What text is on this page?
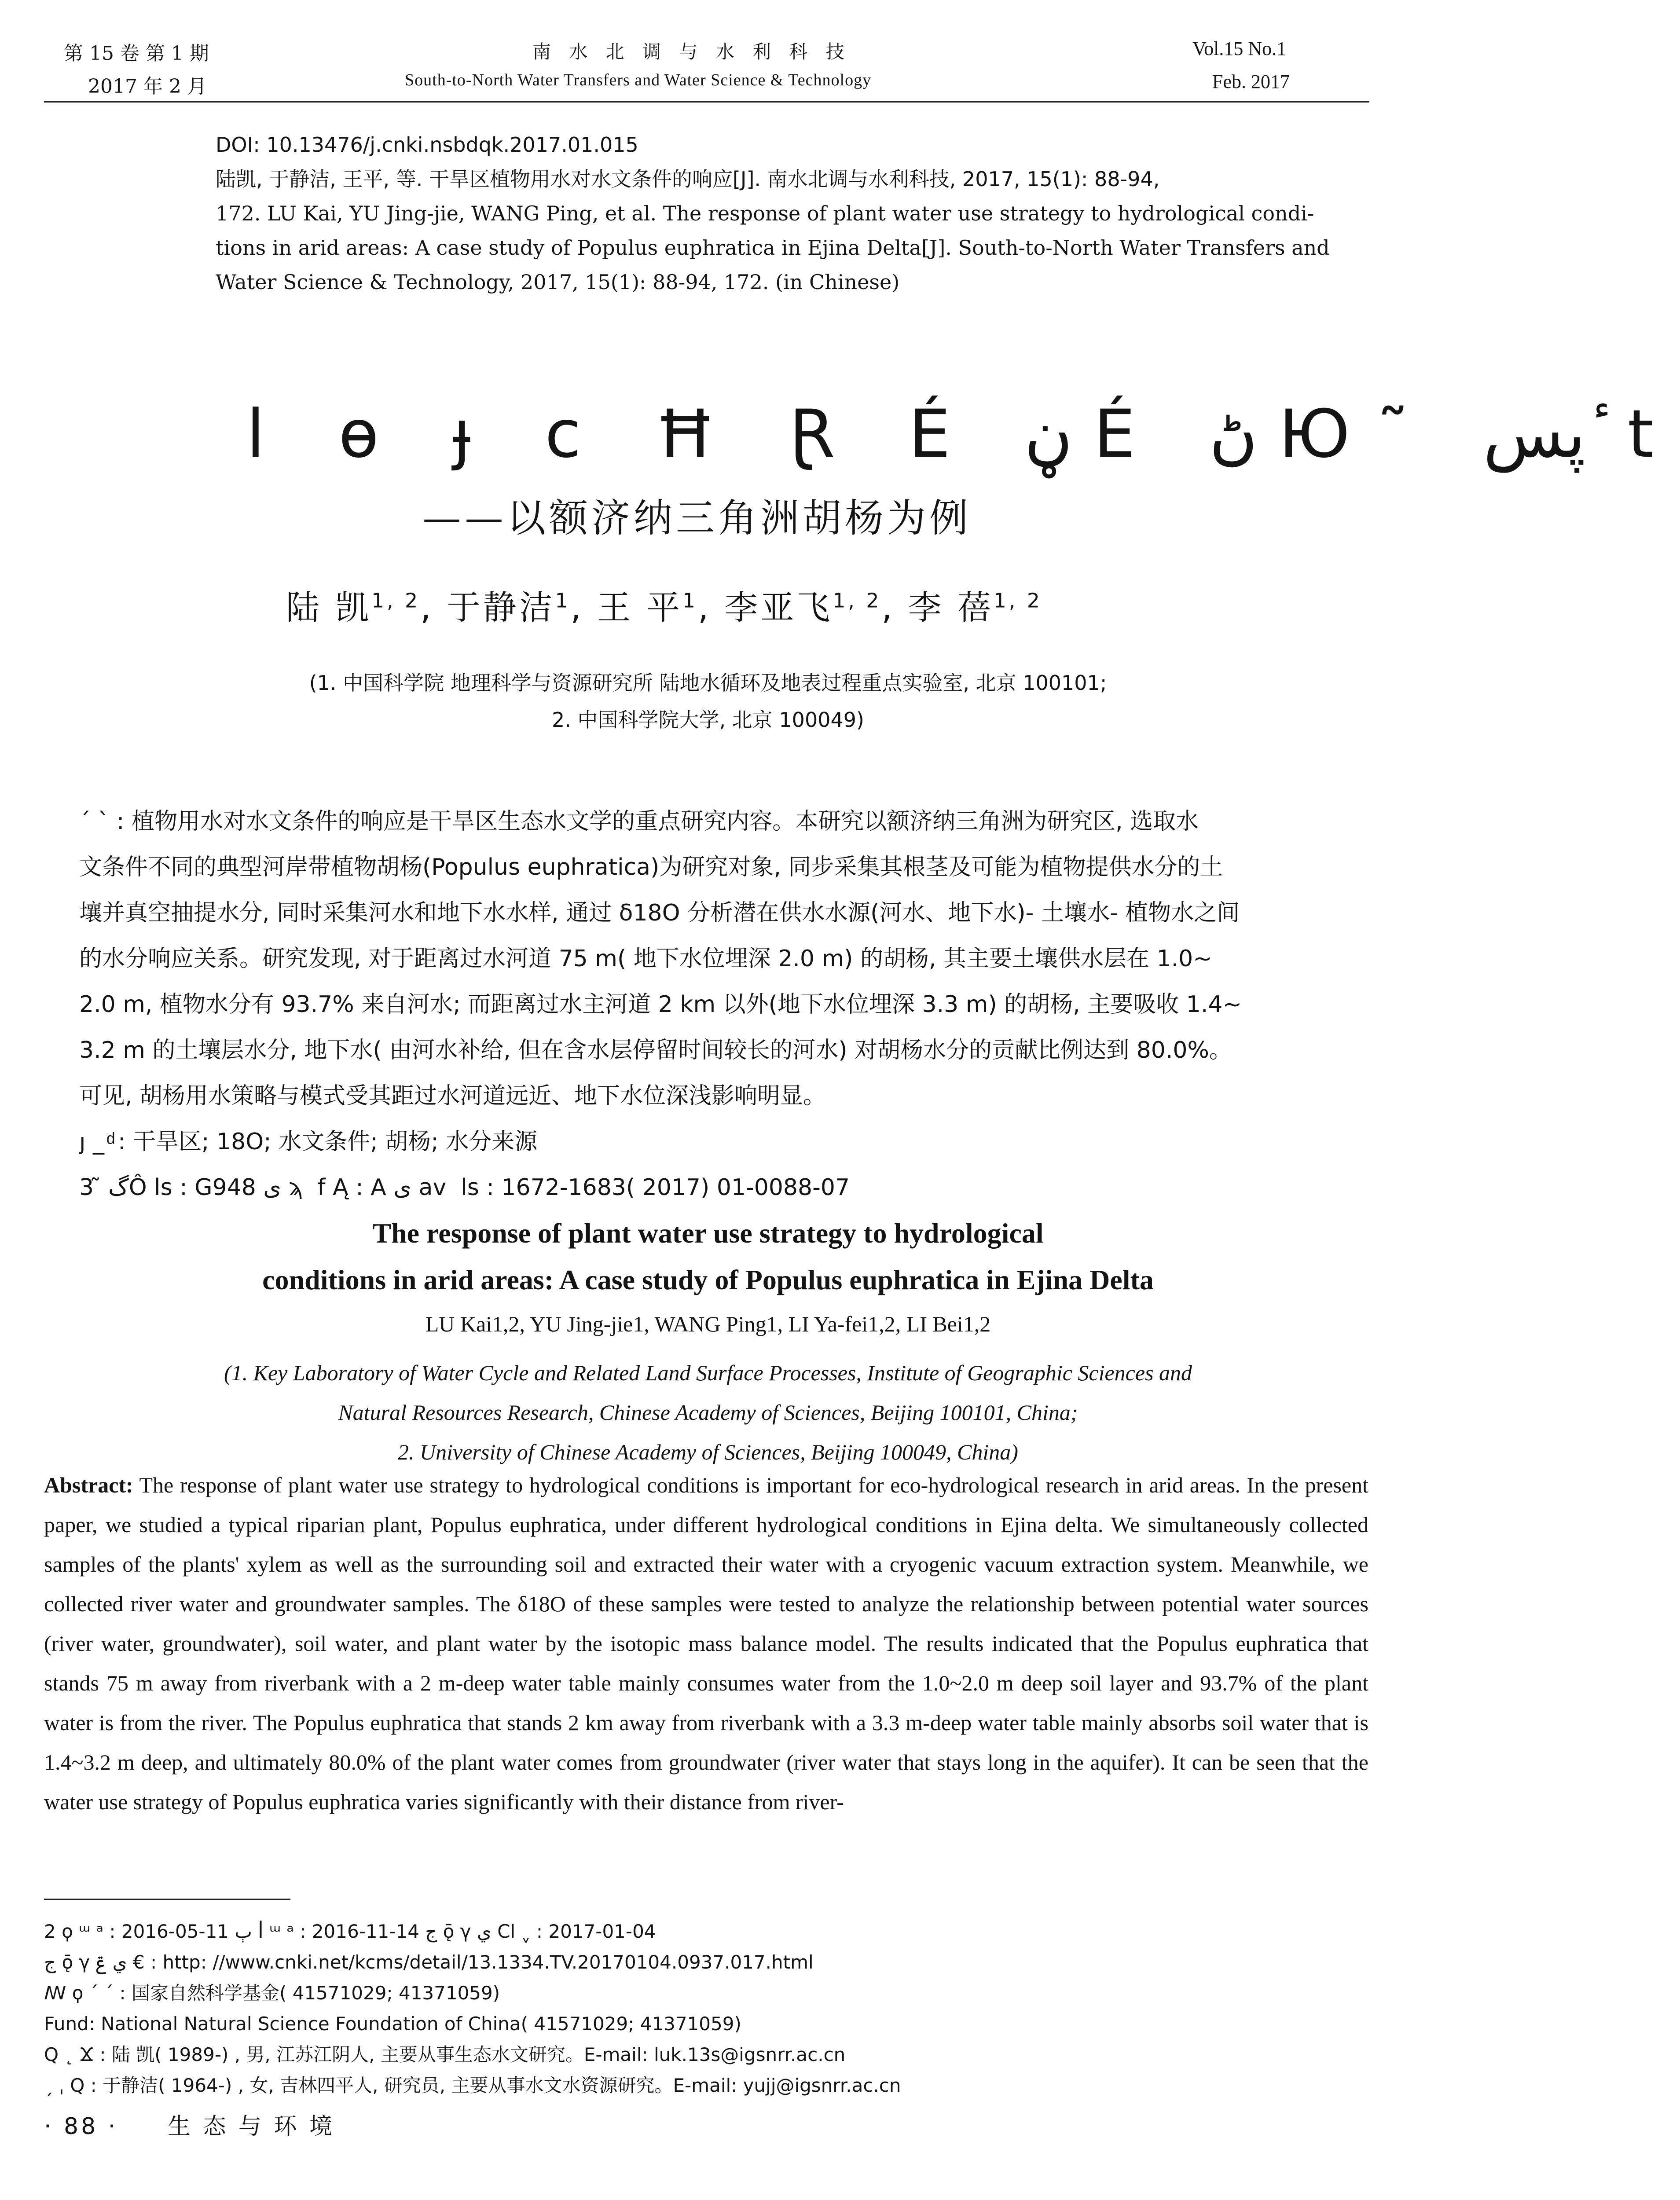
第 15 卷 第 1 期
2017 年 2 月
南 水 北 调 与 水 利 科 技
South-to-North Water Transfers and Water Science & Technology
Vol.15 No.1
Feb. 2017
DOI: 10.13476/j.cnki.nsbdqk.2017.01.015
陆凯, 于静洁, 王平, 等. 干旱区植物用水对水文条件的响应[J]. 南水北调与水利科技, 2017, 15(1): 88-94,
172. LU Kai, YU Jing-jie, WANG Ping, et al. The response of plant water use strategy to hydrological condi-
tions in arid areas: A case study of Populus euphratica in Ejina Delta[J]. South-to-North Water Transfers and
Water Science & Technology, 2017, 15(1): 88-94, 172. (in Chinese)
l ɵ ɟ ϲ Ħ Ɽ É ڼ É ڻ Ю˜ پس ٔ t
——以额济纳三角洲胡杨为例
陆 凯$^{1, 2}$, 于静洁$^1$, 王 平$^1$, 李亚飞$^{1, 2}$, 李 蓓$^{1, 2}$
(1. 中国科学院 地理科学与资源研究所 陆地水循环及地表过程重点实验室, 北京 100101;
2. 中国科学院大学, 北京 100049)
ˊ ˋ : 植物用水对水文条件的响应是干旱区生态水文学的重点研究内容。本研究以额济纳三角洲为研究区, 选取水
文条件不同的典型河岸带植物胡杨(Populus euphratica)为研究对象, 同步采集其根茎及可能为植物提供水分的土
壤并真空抽提水分, 同时采集河水和地下水水样, 通过 δ18O 分析潜在供水水源(河水、地下水)- 土壤水- 植物水之间
的水分响应关系。研究发现, 对于距离过水河道 75 m( 地下水位埋深 2.0 m) 的胡杨, 其主要土壤供水层在 1.0~
2.0 m, 植物水分有 93.7% 来自河水; 而距离过水主河道 2 km 以外(地下水位埋深 3.3 m) 的胡杨, 主要吸收 1.4~
3.2 m 的土壤层水分, 地下水( 由河水补给, 但在含水层停留时间较长的河水) 对胡杨水分的贡献比例达到 80.0%。
可见, 胡杨用水策略与模式受其距过水河道远近、地下水位深浅影响明显。
ȷ _ ͩ : 干旱区; 18O; 水文条件; 胡杨; 水分来源
3 ͂ گÔ ls : G948 ى ϡ ͏ f Ą : A ى av ͏ ls : 1672-1683( 2017) 01-0088-07
The response of plant water use strategy to hydrological
conditions in arid areas: A case study of Populus euphratica in Ejina Delta
LU Kai1,2, YU Jing-jie1, WANG Ping1, LI Ya-fei1,2, LI Bei1,2
(1. Key Laboratory of Water Cycle and Related Land Surface Processes, Institute of Geographic Sciences and
Natural Resources Research, Chinese Academy of Sciences, Beijing 100101, China;
2. University of Chinese Academy of Sciences, Beijing 100049, China)
Abstract: The response of plant water use strategy to hydrological conditions is important for eco-hydrological research in arid areas. In the present paper, we studied a typical riparian plant, Populus euphratica, under different hydrological conditions in Ejina delta. We simultaneously collected samples of the plants' xylem as well as the surrounding soil and extracted their water with a cryogenic vacuum extraction system. Meanwhile, we collected river water and groundwater samples. The δ18O of these samples were tested to analyze the relationship between potential water sources (river water, groundwater), soil water, and plant water by the isotopic mass balance model. The results indicated that the Populus euphratica that stands 75 m away from riverbank with a 2 m-deep water table mainly consumes water from the 1.0~2.0 m deep soil layer and 93.7% of the plant water is from the river. The Populus euphratica that stands 2 km away from riverbank with a 3.3 m-deep water table mainly absorbs soil water that is 1.4~3.2 m deep, and ultimately 80.0% of the plant water comes from groundwater (river water that stays long in the aquifer). It can be seen that the water use strategy of Populus euphratica varies significantly with their distance from river-
2 ϙ ᵚ ᵃ : 2016-05-11 ﭒ ꟾ ᵚ ᵃ : 2016-11-14 ج ǭ γ ي Ϲl ˬ : 2017-01-04
ج ǭ γ ي ݝ € : http: //www.cnki.net/kcms/detail/13.1334.TV.20170104.0937.017.html
ꟿ ϙ ˊ ˊ : 国家自然科学基金( 41571029; 41371059)
Fund: National Natural Science Foundation of China( 41571029; 41371059)
Q ˛ Ϫ : 陆 凯( 1989-) , 男, 江苏江阴人, 主要从事生态水文研究。E-mail: luk.13s@igsnrr.ac.cn
ˏ ˌ Q : 于静洁( 1964-) , 女, 吉林四平人, 研究员, 主要从事水文水资源研究。E-mail: yujj@igsnrr.ac.cn
· 88 · 生 态 与 环 境
